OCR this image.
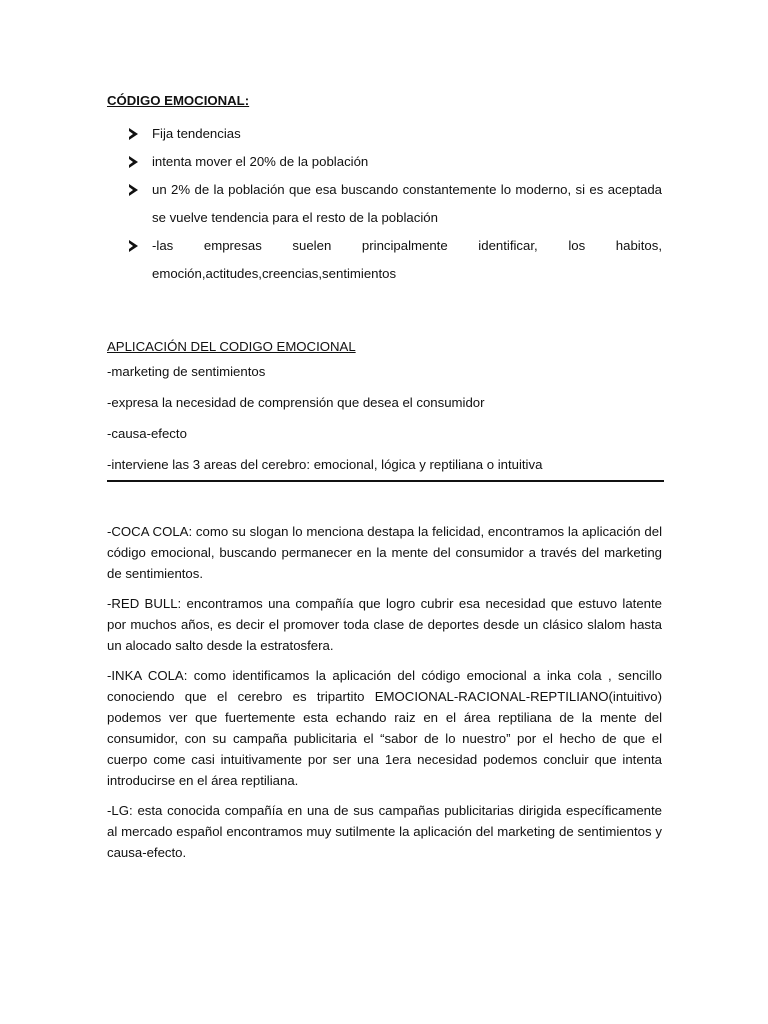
CÓDIGO EMOCIONAL:

Fija tendencias
intenta mover el 20% de la población
un 2% de la población que esa buscando constantemente lo moderno, si es aceptada se vuelve tendencia para el resto de la población
-las empresas suelen principalmente identificar, los habitos, emoción,actitudes,creencias,sentimientos

APLICACIÓN DEL CODIGO EMOCIONAL

-marketing de sentimientos

-expresa la necesidad de comprensión que desea el consumidor

-causa-efecto

-interviene las 3 areas del cerebro: emocional, lógica y reptiliana o intuitiva

-COCA COLA: como su slogan lo menciona destapa la felicidad, encontramos la aplicación del código emocional, buscando permanecer en la mente del consumidor a través del marketing de sentimientos.

-RED BULL: encontramos una compañía que logro cubrir esa necesidad que estuvo latente por muchos años, es decir el promover toda clase de deportes desde un clásico slalom hasta un alocado salto desde la estratosfera.

-INKA COLA: como identificamos la aplicación del código emocional a inka cola , sencillo conociendo que el cerebro es tripartito EMOCIONAL-RACIONAL-REPTILIANO(intuitivo) podemos ver que fuertemente esta echando raiz en el área reptiliana de la mente del consumidor, con su campaña publicitaria el “sabor de lo nuestro” por el hecho de que el cuerpo come casi intuitivamente por ser una 1era necesidad podemos concluir que intenta introducirse en el área reptiliana.

-LG: esta conocida compañía en una de sus campañas publicitarias dirigida específicamente al mercado español encontramos muy sutilmente la aplicación del marketing de sentimientos y causa-efecto.
